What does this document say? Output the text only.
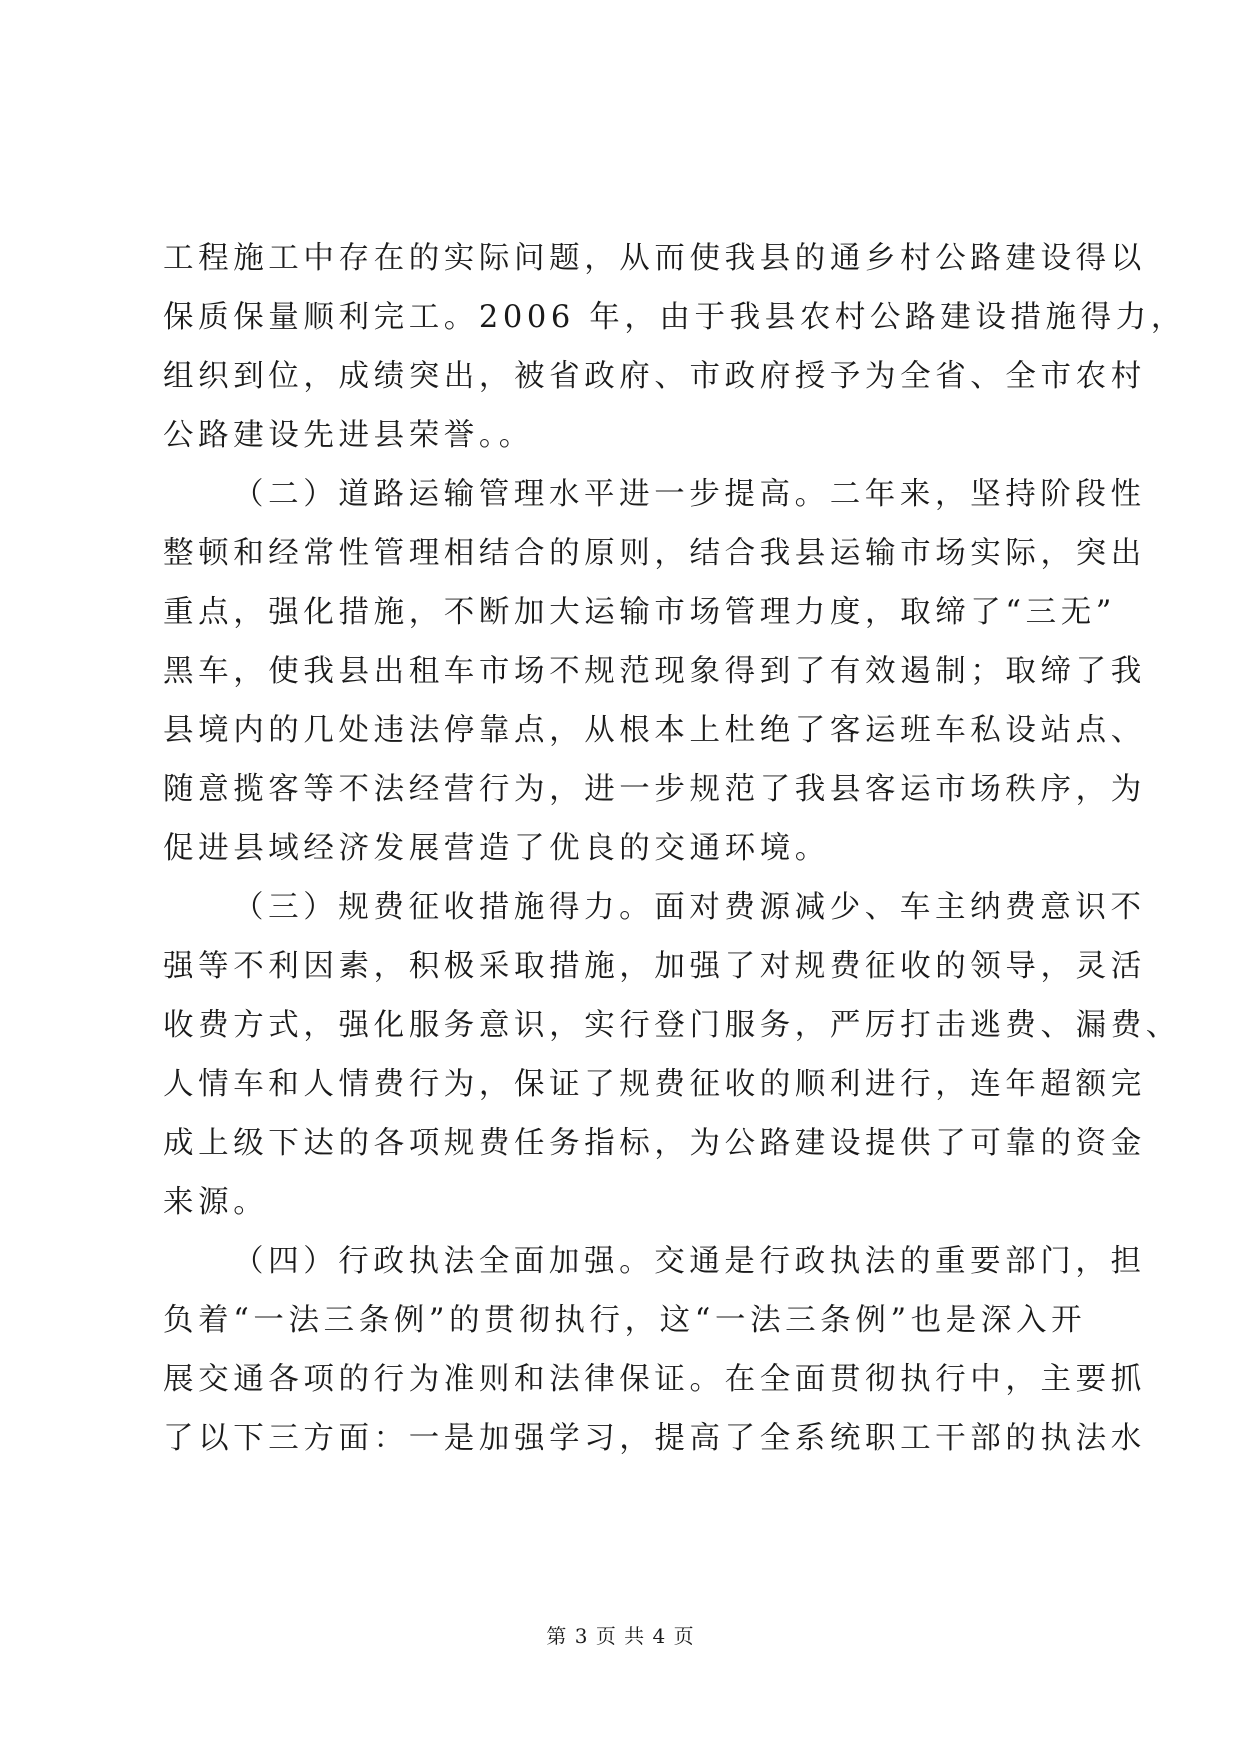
工程施工中存在的实际问题，从而使我县的通乡村公路建设得以
保质保量顺利完工。2006 年，由于我县农村公路建设措施得力，
组织到位，成绩突出，被省政府、市政府授予为全省、全市农村
公路建设先进县荣誉。。
（二）道路运输管理水平进一步提高。二年来，坚持阶段性
整顿和经常性管理相结合的原则，结合我县运输市场实际，突出
重点，强化措施，不断加大运输市场管理力度，取缔了“三无”
黑车，使我县出租车市场不规范现象得到了有效遏制；取缔了我
县境内的几处违法停靠点，从根本上杜绝了客运班车私设站点、
随意揽客等不法经营行为，进一步规范了我县客运市场秩序，为
促进县域经济发展营造了优良的交通环境。
（三）规费征收措施得力。面对费源减少、车主纳费意识不
强等不利因素，积极采取措施，加强了对规费征收的领导，灵活
收费方式，强化服务意识，实行登门服务，严厉打击逃费、漏费、
人情车和人情费行为，保证了规费征收的顺利进行，连年超额完
成上级下达的各项规费任务指标，为公路建设提供了可靠的资金
来源。
（四）行政执法全面加强。交通是行政执法的重要部门，担
负着“一法三条例”的贯彻执行，这“一法三条例”也是深入开
展交通各项的行为准则和法律保证。在全面贯彻执行中，主要抓
了以下三方面：一是加强学习，提高了全系统职工干部的执法水
第 3 页 共 4 页
